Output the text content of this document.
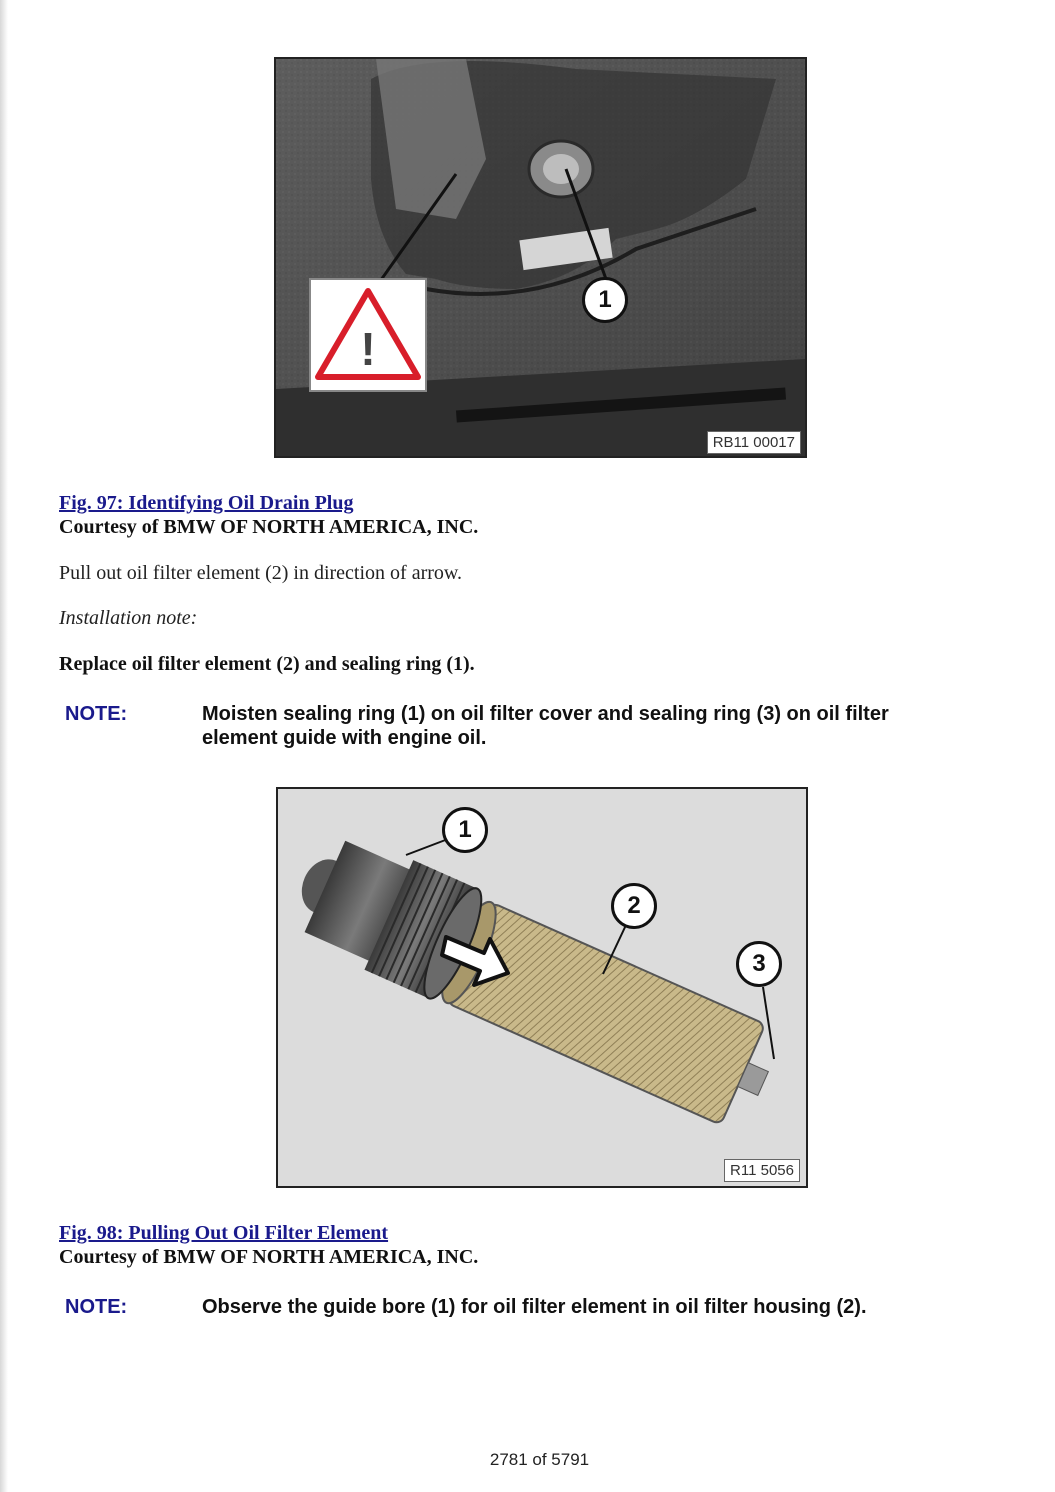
!
1
RB11 00017
Fig. 97: Identifying Oil Drain Plug
Courtesy of BMW OF NORTH AMERICA, INC.
Pull out oil filter element (2) in direction of arrow.
Installation note:
Replace oil filter element (2) and sealing ring (1).
NOTE:	Moisten sealing ring (1) on oil filter cover and sealing ring (3) on oil filter element guide with engine oil.
1
2
3
R11 5056
Fig. 98: Pulling Out Oil Filter Element
Courtesy of BMW OF NORTH AMERICA, INC.
NOTE:	Observe the guide bore (1) for oil filter element in oil filter housing (2).
2781 of 5791
